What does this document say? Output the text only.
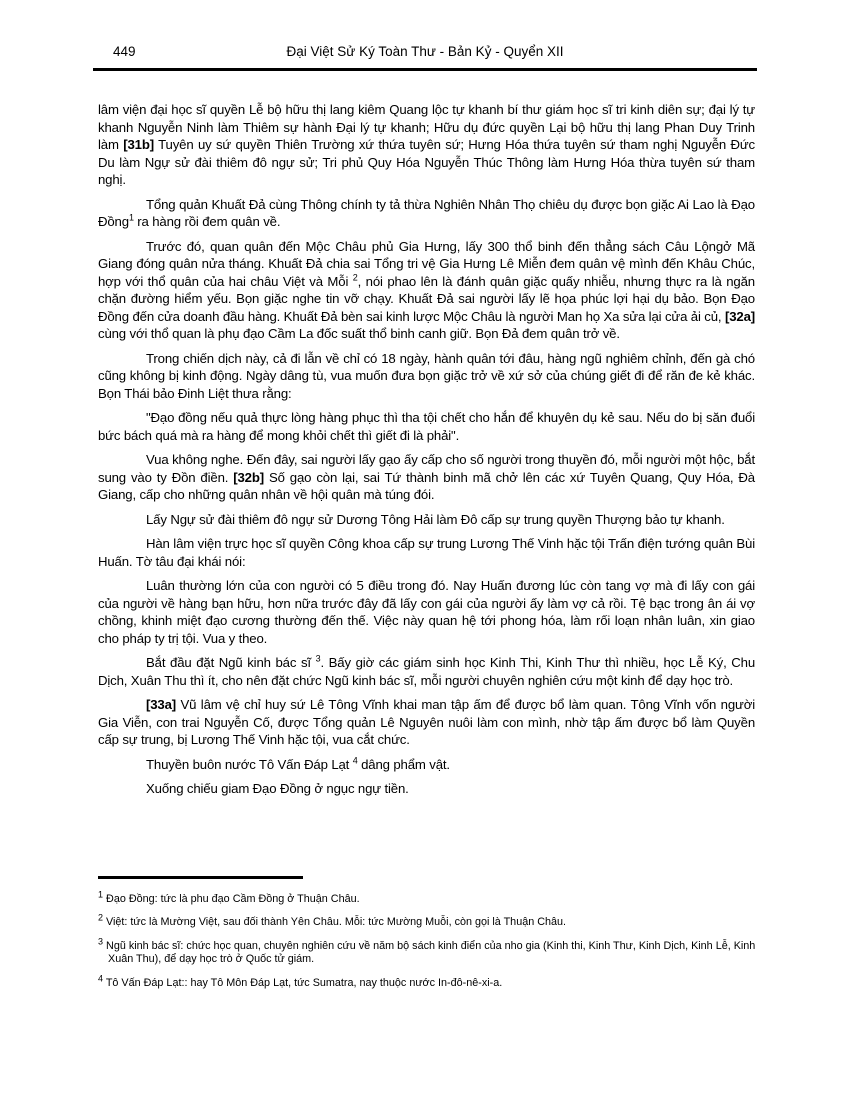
449	Đại Việt Sử Ký Toàn Thư - Bản Kỷ - Quyển XII

lâm viện đại học sĩ quyền Lễ bộ hữu thị lang kiêm Quang lộc tự khanh bí thư giám học sĩ tri kinh diên sự; đại lý tự khanh Nguyễn Ninh làm Thiêm sự hành Đại lý tự khanh; Hữu dụ đức quyền Lại bộ hữu thị lang Phan Duy Trinh làm [31b] Tuyên uy sứ quyền Thiên Trường xứ thứa tuyên sứ; Hưng Hóa thứa tuyên sứ tham nghị Nguyễn Đức Du làm Ngự sử đài thiêm đô ngự sử; Tri phủ Quy Hóa Nguyễn Thúc Thông làm Hưng Hóa thừa tuyên sứ tham nghị.

Tổng quản Khuất Đả cùng Thông chính ty tả thừa Nghiên Nhân Thọ chiêu dụ được bọn giặc Ai Lao là Đạo Đồng$^1$ ra hàng rồi đem quân về.

Trước đó, quan quân đến Mộc Châu phủ Gia Hưng, lấy 300 thổ binh đến thẳng sách Câu Lộngở Mã Giang đóng quân nửa tháng. Khuất Đả chia sai Tổng tri vệ Gia Hưng Lê Miễn đem quân vệ mình đến Khâu Chúc, hợp với thổ quân của hai châu Việt và Mỗi $^2$, nói phao lên là đánh quân giặc quấy nhiễu, nhưng thực ra là ngăn chặn đường hiểm yếu. Bọn giặc nghe tin vỡ chạy. Khuất Đả sai người lấy lẽ họa phúc lợi hại dụ bảo. Bọn Đạo Đồng đến cửa doanh đầu hàng. Khuất Đả bèn sai kinh lược Mộc Châu là người Man họ Xa sửa lại cửa ải củ, [32a] cùng với thổ quan là phụ đạo Cầm La đốc suất thổ binh canh giữ. Bọn Đả đem quân trở về.

Trong chiến dịch này, cả đi lẫn về chỉ có 18 ngày, hành quân tới đâu, hàng ngũ nghiêm chỉnh, đến gà chó cũng không bị kinh động. Ngày dâng tù, vua muốn đưa bọn giặc trở về xứ sở của chúng giết đi để răn đe kẻ khác. Bọn Thái bảo Đinh Liệt thưa rằng:

"Đạo đồng nếu quả thực lòng hàng phục thì tha tội chết cho hắn để khuyên dụ kẻ sau. Nếu do bị săn đuổi bức bách quá mà ra hàng để mong khỏi chết thì giết đi là phải".

Vua không nghe. Đến đây, sai người lấy gạo ấy cấp cho số người trong thuyền đó, mỗi người một hộc, bắt sung vào ty Đồn điền. [32b] Số gạo còn lại, sai Tứ thành binh mã chở lên các xứ Tuyên Quang, Quy Hóa, Đà Giang, cấp cho những quân nhân về hội quân mà túng đói.

Lấy Ngự sử đài thiêm đô ngự sử Dương Tông Hải làm Đô cấp sự trung quyền Thượng bảo tự khanh.

Hàn lâm viện trực học sĩ quyền Công khoa cấp sự trung Lương Thế Vinh hặc tội Trấn điện tướng quân Bùi Huấn. Tờ tâu đại khái nói:

Luân thường lớn của con người có 5 điều trong đó. Nay Huấn đương lúc còn tang vợ mà đi lấy con gái của người về hàng bạn hữu, hơn nữa trước đây đã lấy con gái của người ấy làm vợ cả rồi. Tệ bạc trong ân ái vợ chồng, khinh miệt đạo cương thường đến thế. Việc này quan hệ tới phong hóa, làm rối loạn nhân luân, xin giao cho pháp ty trị tội. Vua y theo.

Bắt đầu đặt Ngũ kinh bác sĩ $^3$. Bấy giờ các giám sinh học Kinh Thi, Kinh Thư thì nhiều, học Lễ Ký, Chu Dịch, Xuân Thu thì ít, cho nên đặt chức Ngũ kinh bác sĩ, mỗi người chuyên nghiên cứu một kinh để dạy học trò.

[33a] Vũ lâm vệ chỉ huy sứ Lê Tông Vĩnh khai man tập ấm để được bổ làm quan. Tông Vĩnh vốn người Gia Viễn, con trai Nguyễn Cố, được Tổng quản Lê Nguyên nuôi làm con mình, nhờ tập ấm được bổ làm Quyền cấp sự trung, bị Lương Thế Vinh hặc tội, vua cắt chức.

Thuyền buôn nước Tô Vấn Đáp Lạt $^4$ dâng phẩm vật.

Xuống chiếu giam Đạo Đồng ở ngục ngự tiền.

$^1$ Đạo Đồng: tức là phu đạo Cầm Đồng ở Thuận Châu.
$^2$ Việt: tức là Mường Việt, sau đối thành Yên Châu. Mỗi: tức Mường Muỗi, còn gọi là Thuận Châu.
$^3$ Ngũ kinh bác sĩ: chức học quan, chuyên nghiên cứu về năm bộ sách kinh điển của nho gia (Kinh thi, Kinh Thư, Kinh Dịch, Kinh Lễ, Kinh Xuân Thu), để dạy học trò ở Quốc tử giám.
$^4$ Tô Vấn Đáp Lạt:: hay Tô Môn Đáp Lạt, tức Sumatra, nay thuộc nước In-đô-nê-xi-a.
